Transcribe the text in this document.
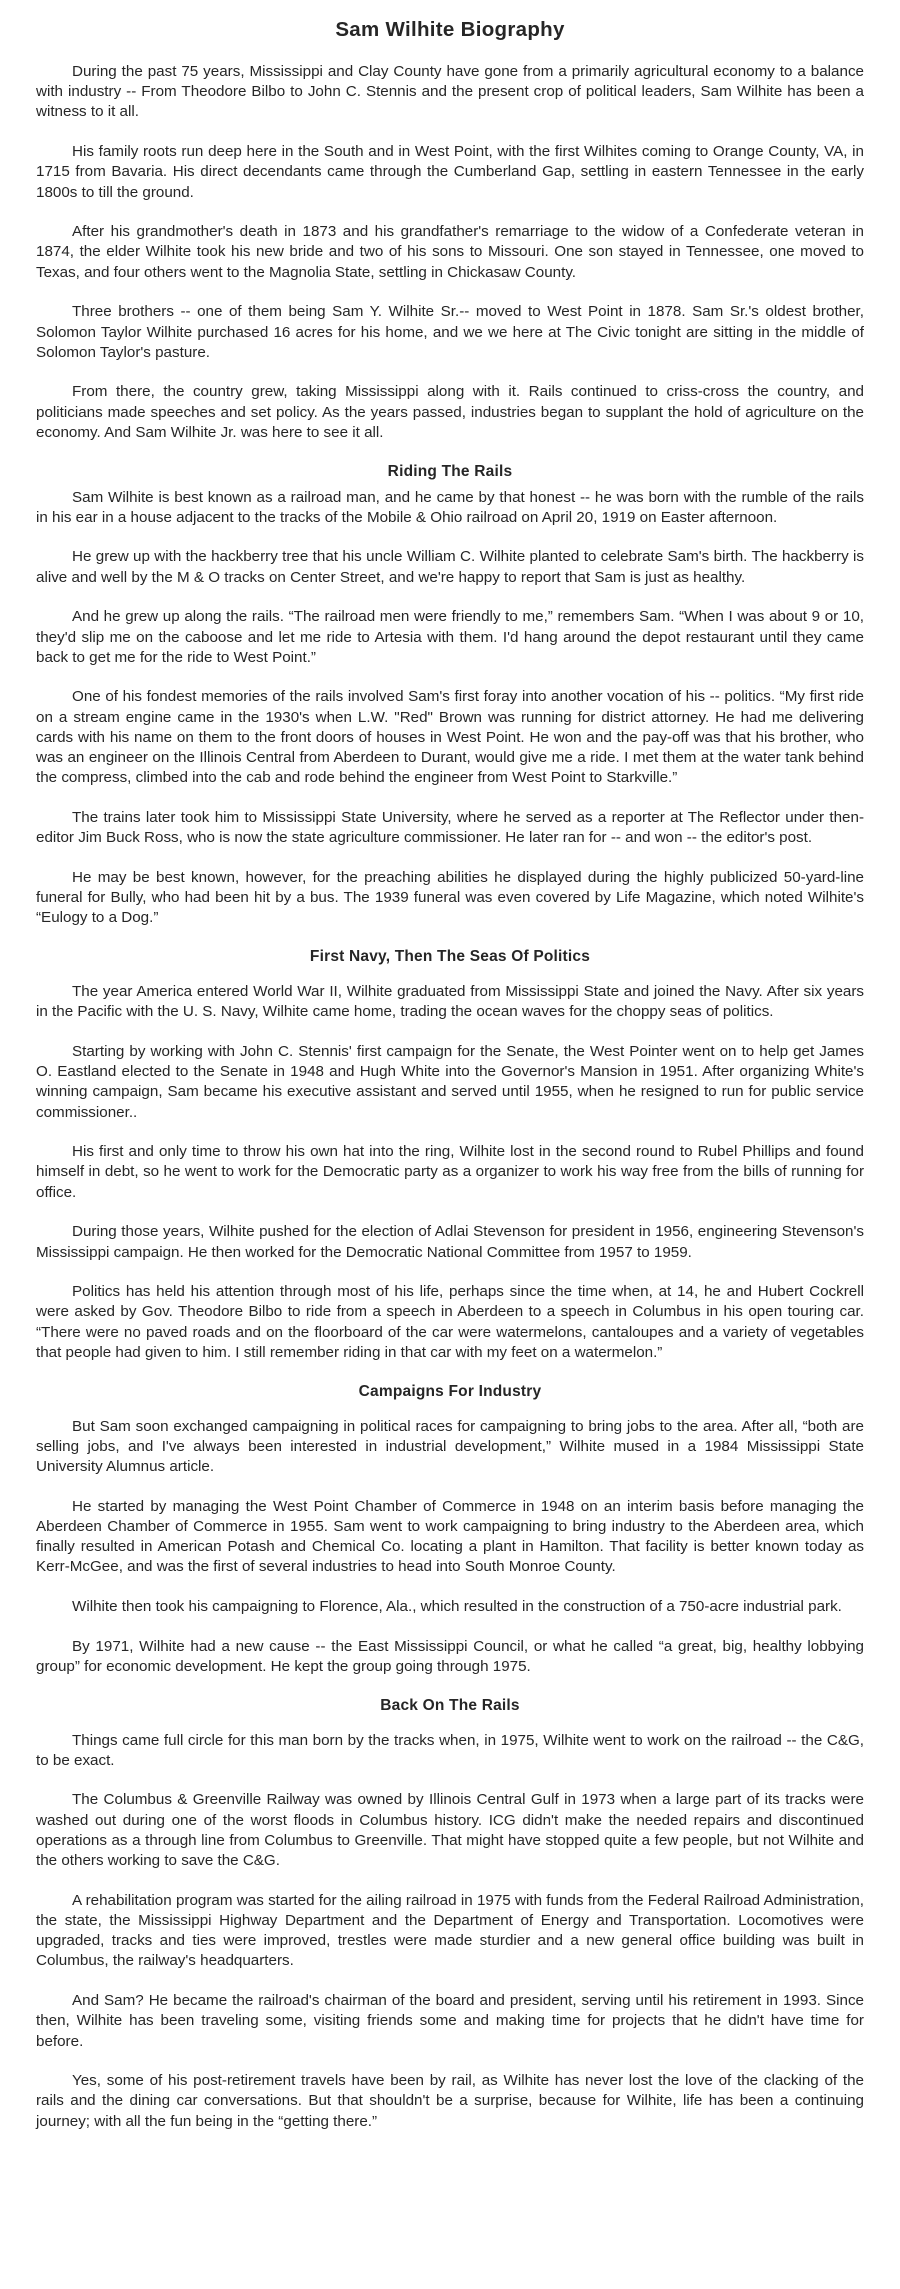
Sam Wilhite Biography

During the past 75 years, Mississippi and Clay County have gone from a primarily agricultural economy to a balance with industry -- From Theodore Bilbo to John C. Stennis and the present crop of political leaders, Sam Wilhite has been a witness to it all.

His family roots run deep here in the South and in West Point, with the first Wilhites coming to Orange County, VA, in 1715 from Bavaria. His direct decendants came through the Cumberland Gap, settling in eastern Tennessee in the early 1800s to till the ground.

After his grandmother's death in 1873 and his grandfather's remarriage to the widow of a Confederate veteran in 1874, the elder Wilhite took his new bride and two of his sons to Missouri. One son stayed in Tennessee, one moved to Texas, and four others went to the Magnolia State, settling in Chickasaw County.

Three brothers -- one of them being Sam Y. Wilhite Sr.-- moved to West Point in 1878. Sam Sr.'s oldest brother, Solomon Taylor Wilhite purchased 16 acres for his home, and we we here at The Civic tonight are sitting in the middle of Solomon Taylor's pasture.

From there, the country grew, taking Mississippi along with it. Rails continued to criss-cross the country, and politicians made speeches and set policy. As the years passed, industries began to supplant the hold of agriculture on the economy. And Sam Wilhite Jr. was here to see it all.

Riding The Rails

Sam Wilhite is best known as a railroad man, and he came by that honest -- he was born with the rumble of the rails in his ear in a house adjacent to the tracks of the Mobile & Ohio railroad on April 20, 1919 on Easter afternoon.

He grew up with the hackberry tree that his uncle William C. Wilhite planted to celebrate Sam's birth. The hackberry is alive and well by the M & O tracks on Center Street, and we're happy to report that Sam is just as healthy.

And he grew up along the rails. “The railroad men were friendly to me,” remembers Sam. “When I was about 9 or 10, they'd slip me on the caboose and let me ride to Artesia with them. I'd hang around the depot restaurant until they came back to get me for the ride to West Point.”

One of his fondest memories of the rails involved Sam's first foray into another vocation of his -- politics. “My first ride on a stream engine came in the 1930's when L.W. "Red" Brown was running for district attorney. He had me delivering cards with his name on them to the front doors of houses in West Point. He won and the pay-off was that his brother, who was an engineer on the Illinois Central from Aberdeen to Durant, would give me a ride. I met them at the water tank behind the compress, climbed into the cab and rode behind the engineer from West Point to Starkville.”

The trains later took him to Mississippi State University, where he served as a reporter at The Reflector under then-editor Jim Buck Ross, who is now the state agriculture commissioner. He later ran for -- and won -- the editor's post.

He may be best known, however, for the preaching abilities he displayed during the highly publicized 50-yard-line funeral for Bully, who had been hit by a bus. The 1939 funeral was even covered by Life Magazine, which noted Wilhite's “Eulogy to a Dog.”

First Navy, Then The Seas Of Politics

The year America entered World War II, Wilhite graduated from Mississippi State and joined the Navy. After six years in the Pacific with the U. S. Navy, Wilhite came home, trading the ocean waves for the choppy seas of politics.

Starting by working with John C. Stennis' first campaign for the Senate, the West Pointer went on to help get James O. Eastland elected to the Senate in 1948 and Hugh White into the Governor's Mansion in 1951. After organizing White's winning campaign, Sam became his executive assistant and served until 1955, when he resigned to run for public service commissioner..

His first and only time to throw his own hat into the ring, Wilhite lost in the second round to Rubel Phillips and found himself in debt, so he went to work for the Democratic party as a organizer to work his way free from the bills of running for office.

During those years, Wilhite pushed for the election of Adlai Stevenson for president in 1956, engineering Stevenson's Mississippi campaign. He then worked for the Democratic National Committee from 1957 to 1959.

Politics has held his attention through most of his life, perhaps since the time when, at 14, he and Hubert Cockrell were asked by Gov. Theodore Bilbo to ride from a speech in Aberdeen to a speech in Columbus in his open touring car. “There were no paved roads and on the floorboard of the car were watermelons, cantaloupes and a variety of vegetables that people had given to him. I still remember riding in that car with my feet on a watermelon.”

Campaigns For Industry

But Sam soon exchanged campaigning in political races for campaigning to bring jobs to the area. After all, “both are selling jobs, and I've always been interested in industrial development,” Wilhite mused in a 1984 Mississippi State University Alumnus article.

He started by managing the West Point Chamber of Commerce in 1948 on an interim basis before managing the Aberdeen Chamber of Commerce in 1955. Sam went to work campaigning to bring industry to the Aberdeen area, which finally resulted in American Potash and Chemical Co. locating a plant in Hamilton. That facility is better known today as Kerr-McGee, and was the first of several industries to head into South Monroe County.

Wilhite then took his campaigning to Florence, Ala., which resulted in the construction of a 750-acre industrial park.

By 1971, Wilhite had a new cause -- the East Mississippi Council, or what he called “a great, big, healthy lobbying group” for economic development. He kept the group going through 1975.

Back On The Rails

Things came full circle for this man born by the tracks when, in 1975, Wilhite went to work on the railroad -- the C&G, to be exact.

The Columbus & Greenville Railway was owned by Illinois Central Gulf in 1973 when a large part of its tracks were washed out during one of the worst floods in Columbus history. ICG didn't make the needed repairs and discontinued operations as a through line from Columbus to Greenville. That might have stopped quite a few people, but not Wilhite and the others working to save the C&G.

A rehabilitation program was started for the ailing railroad in 1975 with funds from the Federal Railroad Administration, the state, the Mississippi Highway Department and the Department of Energy and Transportation. Locomotives were upgraded, tracks and ties were improved, trestles were made sturdier and a new general office building was built in Columbus, the railway's headquarters.

And Sam? He became the railroad's chairman of the board and president, serving until his retirement in 1993. Since then, Wilhite has been traveling some, visiting friends some and making time for projects that he didn't have time for before.

Yes, some of his post-retirement travels have been by rail, as Wilhite has never lost the love of the clacking of the rails and the dining car conversations. But that shouldn't be a surprise, because for Wilhite, life has been a continuing journey; with all the fun being in the “getting there.”
